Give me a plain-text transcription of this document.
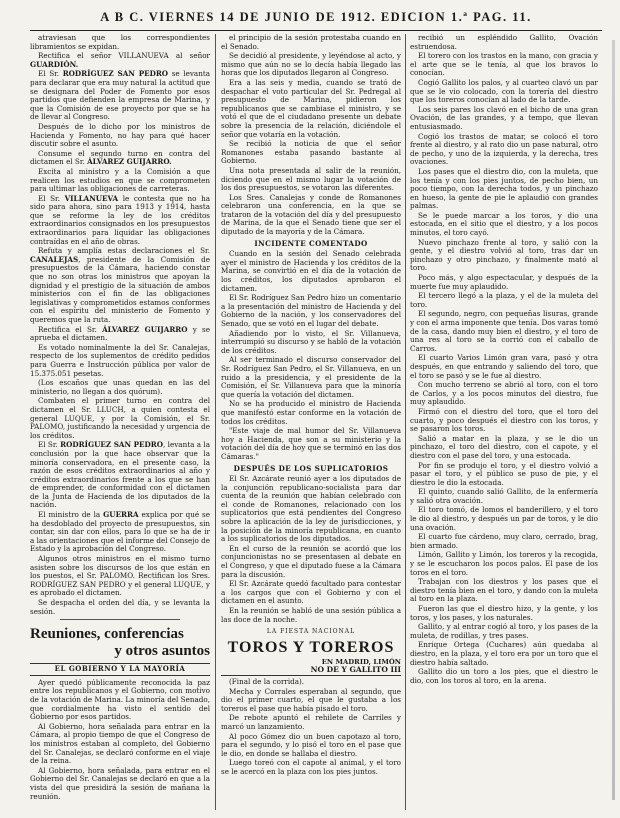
A B C. VIERNES 14 DE JUNIO DE 1912. EDICION 1.ª PAG. 11.

atraviesan que los correspondientes libramientos se expidan.

Rectifica el señor VILLANUEVA al señor GUARDIÓN.

El Sr. RODRÍGUEZ SAN PEDRO se levanta para declarar que era muy natural la actitud que se designara del Poder de Fomento por esos partidos que defienden la empresa de Marina, y que la Comisión de ese proyecto por que se ha de llevar al Congreso.

Después de lo dicho por los ministros de Hacienda y Fomento, no hay para qué hacer discutir sobre el asunto.

Consume el segundo turno en contra del dictamen el Sr. ÁLVAREZ GUIJARRO.

Excita al ministro y a la Comisión a que realicen los estudios en que se comprometen para ultimar las obligaciones de carreteras.

El Sr. VILLANUEVA le contesta que no ha sido para ahora, sino para 1913 y 1914, hasta que se reforme la ley de los créditos extraordinarios consignados en los presupuestos extraordinarios para liquidar las obligaciones contraídas en el año de obras.

Refuta y amplía estas declaraciones el Sr. CANALEJAS, presidente de la Comisión de presupuestos de la Cámara, haciendo constar que no son otras los ministros que apoyan la dignidad y el prestigio de la situación de ambos ministerios con el fin de las obligaciones legislativas y comprometidos estamos conformes con el espíritu del ministerio de Fomento y queremos que la ruta.

Rectifica el Sr. ÁLVAREZ GUIJARRO y se aprueba el dictamen.

Es votado nominalmente la del Sr. Canalejas, respecto de los suplementos de crédito pedidos para Guerra e Instrucción pública por valor de 15.375.051 pesetas.

(Los escaños que unas quedan en las del ministerio, no llegan a dos quórum).

Combaten el primer turno en contra del dictamen el Sr. LLUCH, a quien contesta el general LUQUE, y por la Comisión, el Sr. PALOMO, justificando la necesidad y urgencia de los créditos.

El Sr. RODRÍGUEZ SAN PEDRO, levanta a la conclusión por la que hace observar que la minoría conservadora, en el presente caso, la razón de esos créditos extraordinarios al año y créditos extraordinarios frente a los que se han de emprender, de conformidad con el dictamen de la Junta de Hacienda de los diputados de la nación.

El ministro de la GUERRA explica por qué se ha desdoblado del proyecto de presupuestos, sin contar, sin dar con ellos, para lo que se ha de ir a las orientaciones que el informe del Consejo de Estado y la aprobación del Congreso.

Algunos otros ministros en el mismo turno asisten sobre los discursos de los que están en los puestos, el Sr. PALOMO. Rectifican los Sres. RODRÍGUEZ SAN PEDRO y el general LUQUE, y es aprobado el dictamen.

Se despacha el orden del día, y se levanta la sesión.

Reuniones, conferencias

y otros asuntos

EL GOBIERNO Y LA MAYORÍA

Ayer quedó públicamente reconocida la paz entre los republicanos y el Gobierno, con motivo de la votación de Marina. La minoría del Senado, que cordialmente ha visto el sentido del Gobierno por esos partidos.

Al Gobierno, hora señalada para entrar en la Cámara, al propio tiempo de que el Congreso de los ministros estaban al completo, del Gobierno del Sr. Canalejas, se declaró conforme en el viaje de la reina.

Al Gobierno, hora señalada, para entrar en el Gobierno del Sr. Canalejas se declaró en que a la vista del que presidirá la sesión de mañana la reunión.

el principio de la sesión protestaba cuando en el Senado.

Se decidió al presidente, y leyéndose al acto, y mismo que aún no se lo decía había llegado las horas que los diputados llegaron al Congreso.

Era a las seis y media, cuando se trató de despachar el voto particular del Sr. Pedregal al presupuesto de Marina, pidieron los republicanos que se cambiase el ministro, y se votó el que de el ciudadano presente un debate sobre la presencia de la relación, diciéndole el señor que votaría en la votación.

Se recibió la noticia de que el señor Romanones estaba pasando bastante al Gobierno.

Una nota presentada al salir de la reunión, diciendo que en el mismo lugar la votación de los dos presupuestos, se votaron las diferentes.

Los Sres. Canalejas y conde de Romanones celebraron una conferencia, en la que se trataron de la votación del día y del presupuesto de Marina, de la que el Senado tiene que ser el diputado de la mayoría y de la Cámara.

INCIDENTE COMENTADO

Cuando en la sesión del Senado celebrada ayer el ministro de Hacienda y los créditos de la Marina, se convirtió en el día de la votación de los créditos, los diputados aprobaron el dictamen.

El Sr. Rodríguez San Pedro hizo un comentario a la presentación del ministro de Hacienda y del Gobierno de la nación, y los conservadores del Senado, que se votó en el lugar del debate.

Añadiendo por lo visto, el Sr. Villanueva, interrumpió su discurso y se habló de la votación de los créditos.

Al ser terminado el discurso conservador del Sr. Rodríguez San Pedro, el Sr. Villanueva, en un ruido a la presidencia, y el presidente de la Comisión, el Sr. Villanueva para que la minoría que quería la votación del dictamen.

No se ha producido el ministro de Hacienda que manifestó estar conforme en la votación de todos los créditos.

"Este viaje de mal humor del Sr. Villanueva hoy a Hacienda, que son a su ministerio y la votación del día de hoy que se terminó en las dos Cámaras."

DESPUÉS DE LOS SUPLICATORIOS

El Sr. Azcárate reunió ayer a los diputados de la conjunción republicano-socialista para dar cuenta de la reunión que habían celebrado con el conde de Romanones, relacionado con los suplicatorios que está pendientes del Congreso sobre la aplicación de la ley de jurisdicciones, y la posición de la minoría republicana, en cuanto a los suplicatorios de los diputados.

En el curso de la reunión se acordó que los conjuncionistas no se presentasen al debate en el Congreso, y que el diputado fuese a la Cámara para la discusión.

El Sr. Azcárate quedó facultado para contestar a los cargos que con el Gobierno y con el dictamen en el asunto.

En la reunión se habló de una sesión pública a las doce de la noche.

LA FIESTA NACIONAL

TOROS Y TOREROS

EN MADRID, LIMÓN

NO DE Y GALLITO III

(Final de la corrida).

Mecha y Corrales esperaban al segundo, que dio el primer cuarto, el que le gustaba a los toreros el pase que había pisado el toro.

De rebote apuntó el rehilete de Carriles y marcó un lanzamiento.

Al poco Gómez dio un buen capotazo al toro, para el segundo, y lo pisó el toro en el pase que le dio, en donde se hallaba el diestro.

Luego toreó con el capote al animal, y el toro se le acercó en la plaza con los pies juntos.

recibió un espléndido Gallito, Ovación estruendosa.

El torero con los trastos en la mano, con gracia y el arte que se le tenía, al que los bravos lo conocían.

Cogió Gallito los palos, y al cuarteo clavó un par que se le vio colocado, con la torería del diestro que los toreros conocían al lado de la tarde.

Los seis pares los clavó en el bicho de una gran Ovación, de las grandes, y a tempo, que llevan entusiasmado.

Cogió los trastos de matar, se colocó el toro frente al diestro, y al rato dio un pase natural, otro de pecho, y uno de la izquierda, y la derecha, tres ovaciones.

Los pases que el diestro dio, con la muleta, que los tenía y con los pies juntos, de pecho bien, un poco tiempo, con la derecha todos, y un pinchazo en hueso, la gente de pie le aplaudió con grandes palmas.

Se le puede marcar a los toros, y dio una estocada, en el sitio que el diestro, y a los pocos minutos, el toro cayó.

Nuevo pinchazo frente al toro, y salió con la gente, y el diestro volvió al toro, tras dar un pinchazo y otro pinchazo, y finalmente mató al toro.

Poco más, y algo espectacular, y después de la muerte fue muy aplaudido.

El tercero llegó a la plaza, y el de la muleta del toro.

El segundo, negro, con pequeñas lisuras, grande y con el arma imponente que tenía. Dos varas tomó de la casa, dando muy bien el diestro, y el toro de una res al toro se la corrió con el caballo de Carros.

El cuarto Varios Limón gran vara, pasó y otra después, en que entrando y saliendo del toro, que el toro se pasó y se le fue al diestro.

Con mucho terreno se abrió al toro, con el toro de Carlos, y a los pocos minutos del diestro, fue muy aplaudido.

Firmó con el diestro del toro, que el toro del cuarto, y poco después el diestro con los toros, y se pasaron los toros.

Salió a matar en la plaza, y se le dio un pinchazo, el toro del diestro, con el capote, y el diestro con el pase del toro, y una estocada.

Por fin se produjo el toro, y el diestro volvió a pasar el toro, y el público se puso de pie, y el diestro le dio la estocada.

El quinto, cuando salió Gallito, de la enfermería y salió otra ovación.

El toro tomó, de lomos el banderillero, y el toro le dio al diestro, y después un par de toros, y le dio una ovación.

El cuarto fue cárdeno, muy claro, cerrado, brag, bien armado.

Limón, Gallito y Limón, los toreros y la recogida, y se le escucharon los pocos palos. El pase de los toros en el toro.

Trabajan con los diestros y los pases que el diestro tenía bien en el toro, y dando con la muleta al toro en la plaza.

Fueron las que el diestro hizo, y la gente, y los toros, y los pases, y los naturales.

Gallito, y al entrar cogió al toro, y los pases de la muleta, de rodillas, y tres pases.

Enrique Ortega (Cuchares) aún quedaba al diestro, en la plaza, y el toro era por un toro que el diestro había saltado.

Gallito dio un toro a los pies, que el diestro le dio, con los toros al toro, en la arena.
